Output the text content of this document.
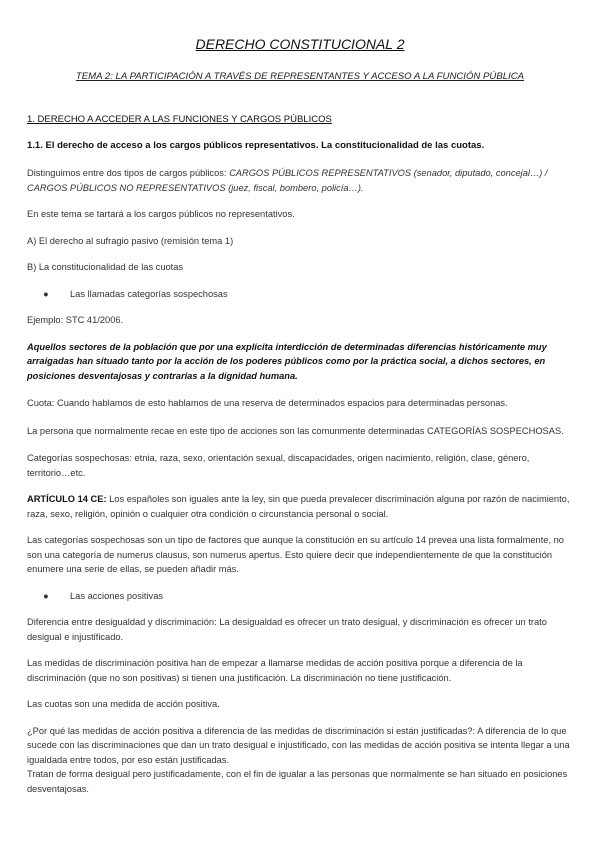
DERECHO CONSTITUCIONAL 2
TEMA 2: LA PARTICIPACIÓN A TRAVÉS DE REPRESENTANTES Y ACCESO A LA FUNCIÓN PÚBLICA

1. DERECHO A ACCEDER A LAS FUNCIONES Y CARGOS PÚBLICOS

1.1. El derecho de acceso a los cargos públicos representativos. La constitucionalidad de las cuotas.

Distinguimos entre dos tipos de cargos públicos: CARGOS PÚBLICOS REPRESENTATIVOS (senador, diputado, concejal…) / CARGOS PÚBLICOS NO REPRESENTATIVOS (juez, fiscal, bombero, policía…).

En este tema se tartará a los cargos públicos no representativos.

A) El derecho al sufragio pasivo (remisión tema 1)

B) La constitucionalidad de las cuotas

● Las llamadas categorías sospechosas

Ejemplo: STC 41/2006.

Aquellos sectores de la población que por una explícita interdicción de determinadas diferencias históricamente muy arraigadas han situado tanto por la acción de los poderes públicos como por la práctica social, a dichos sectores, en posiciones desventajosas y contrarias a la dignidad humana.

Cuota: Cuando hablamos de esto hablamos de una reserva de determinados espacios para determinadas personas.

La persona que normalmente recae en este tipo de acciones son las comunmente determinadas CATEGORÍAS SOSPECHOSAS.

Categorías sospechosas: etnia, raza, sexo, orientación sexual, discapacidades, origen nacimiento, religión, clase, género, territorio…etc.

ARTÍCULO 14 CE: Los españoles son iguales ante la ley, sin que pueda prevalecer discriminación alguna por razón de nacimiento, raza, sexo, religión, opinión o cualquier otra condición o circunstancia personal o social.

Las categorías sospechosas son un tipo de factores que aunque la constitución en su artículo 14 prevea una lista formalmente, no son una categoría de numerus clausus, son numerus apertus. Esto quiere decir que independientemente de que la constitución enumere una serie de ellas, se pueden añadir más.

● Las acciones positivas

Diferencia entre desigualdad y discriminación: La desigualdad es ofrecer un trato desigual, y discriminación es ofrecer un trato desigual e injustificado.

Las medidas de discriminación positiva han de empezar a llamarse medidas de acción positiva porque a diferencia de la discriminación (que no son positivas) si tienen una justificación. La discriminación no tiene justificación.

Las cuotas son una medida de acción positiva.

¿Por qué las medidas de acción positiva a diferencia de las medidas de discriminación si están justificadas?: A diferencia de lo que sucede con las discriminaciones que dan un trato desigual e injustificado, con las medidas de acción positiva se intenta llegar a una igualdada entre todos, por eso están justificadas.

Tratan de forma desigual pero justificadamente, con el fin de igualar a las personas que normalmente se han situado en posiciones desventajosas.
